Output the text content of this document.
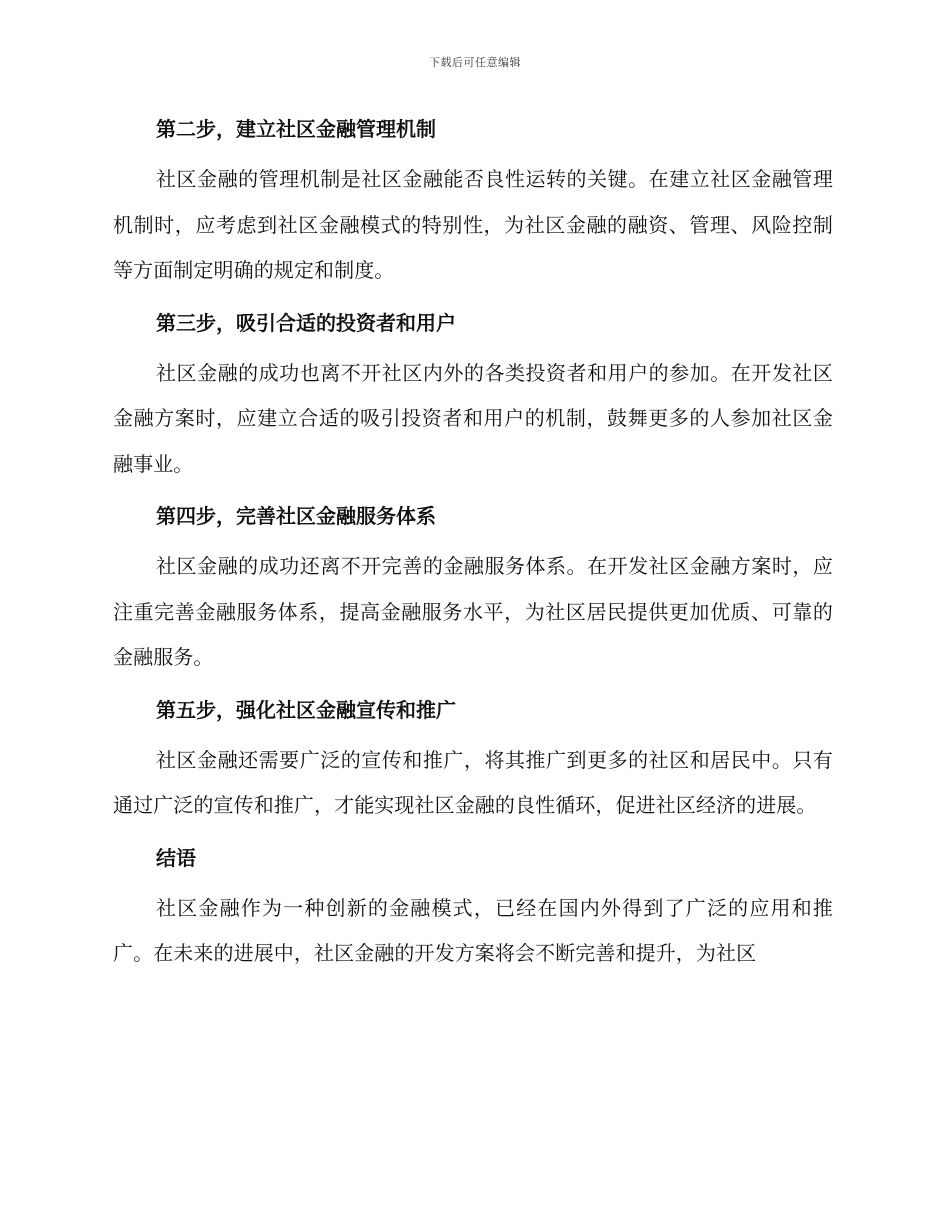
下载后可任意编辑
第二步，建立社区金融管理机制
社区金融的管理机制是社区金融能否良性运转的关键。在建立社区金融管理机制时，应考虑到社区金融模式的特别性，为社区金融的融资、管理、风险控制等方面制定明确的规定和制度。
第三步，吸引合适的投资者和用户
社区金融的成功也离不开社区内外的各类投资者和用户的参加。在开发社区金融方案时，应建立合适的吸引投资者和用户的机制，鼓舞更多的人参加社区金融事业。
第四步，完善社区金融服务体系
社区金融的成功还离不开完善的金融服务体系。在开发社区金融方案时，应注重完善金融服务体系，提高金融服务水平，为社区居民提供更加优质、可靠的金融服务。
第五步，强化社区金融宣传和推广
社区金融还需要广泛的宣传和推广，将其推广到更多的社区和居民中。只有通过广泛的宣传和推广，才能实现社区金融的良性循环，促进社区经济的进展。
结语
社区金融作为一种创新的金融模式，已经在国内外得到了广泛的应用和推广。在未来的进展中，社区金融的开发方案将会不断完善和提升，为社区
